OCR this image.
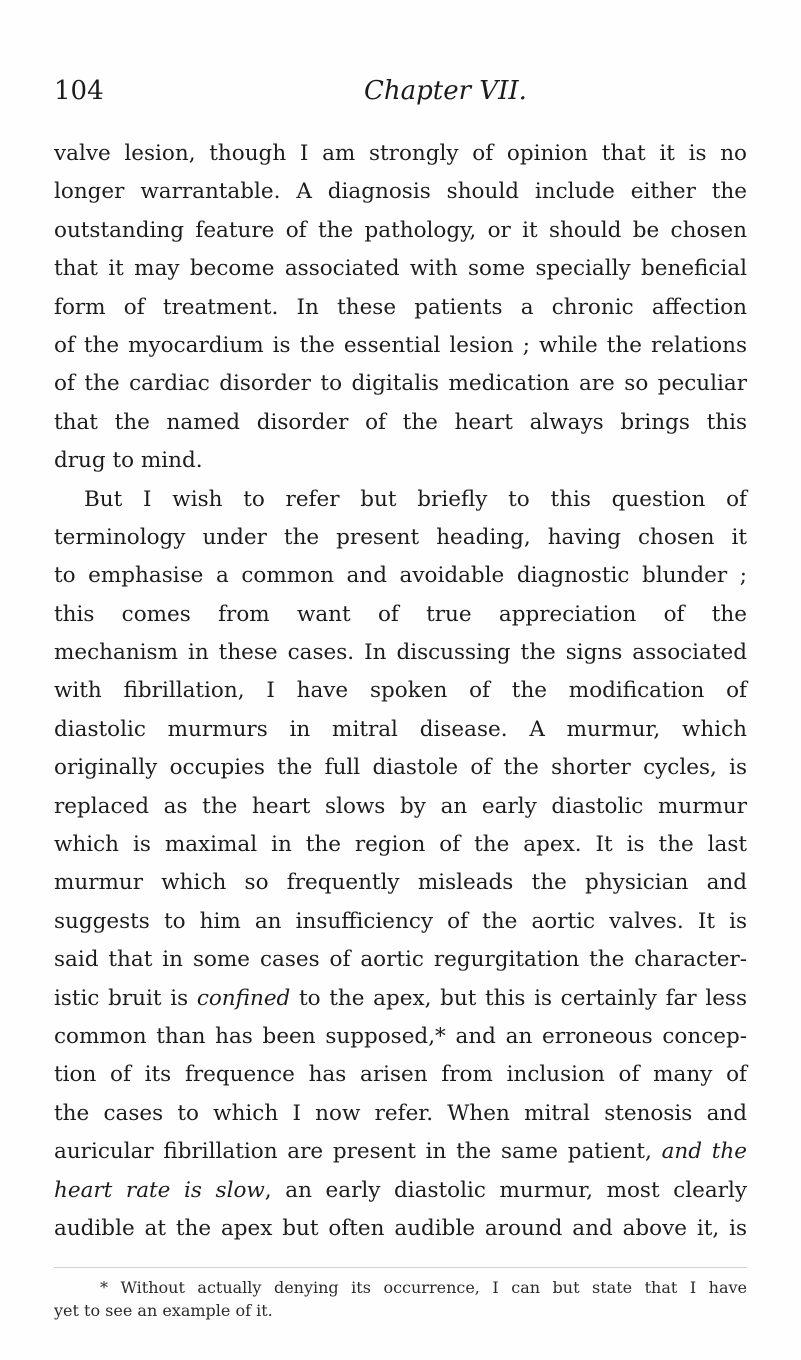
104	Chapter VII.
valve lesion, though I am strongly of opinion that it is no
longer warrantable. A diagnosis should include either the
outstanding feature of the pathology, or it should be chosen
that it may become associated with some specially beneficial
form of treatment. In these patients a chronic affection
of the myocardium is the essential lesion ; while the relations
of the cardiac disorder to digitalis medication are so peculiar
that the named disorder of the heart always brings this
drug to mind.
But I wish to refer but briefly to this question of
terminology under the present heading, having chosen it
to emphasise a common and avoidable diagnostic blunder ;
this comes from want of true appreciation of the
mechanism in these cases. In discussing the signs associated
with fibrillation, I have spoken of the modification of
diastolic murmurs in mitral disease. A murmur, which
originally occupies the full diastole of the shorter cycles, is
replaced as the heart slows by an early diastolic murmur
which is maximal in the region of the apex. It is the last
murmur which so frequently misleads the physician and
suggests to him an insufficiency of the aortic valves. It is
said that in some cases of aortic regurgitation the character-
istic bruit is confined to the apex, but this is certainly far less
common than has been supposed,* and an erroneous concep-
tion of its frequence has arisen from inclusion of many of
the cases to which I now refer. When mitral stenosis and
auricular fibrillation are present in the same patient, and the
heart rate is slow, an early diastolic murmur, most clearly
audible at the apex but often audible around and above it, is
* Without actually denying its occurrence, I can but state that I have
yet to see an example of it.
